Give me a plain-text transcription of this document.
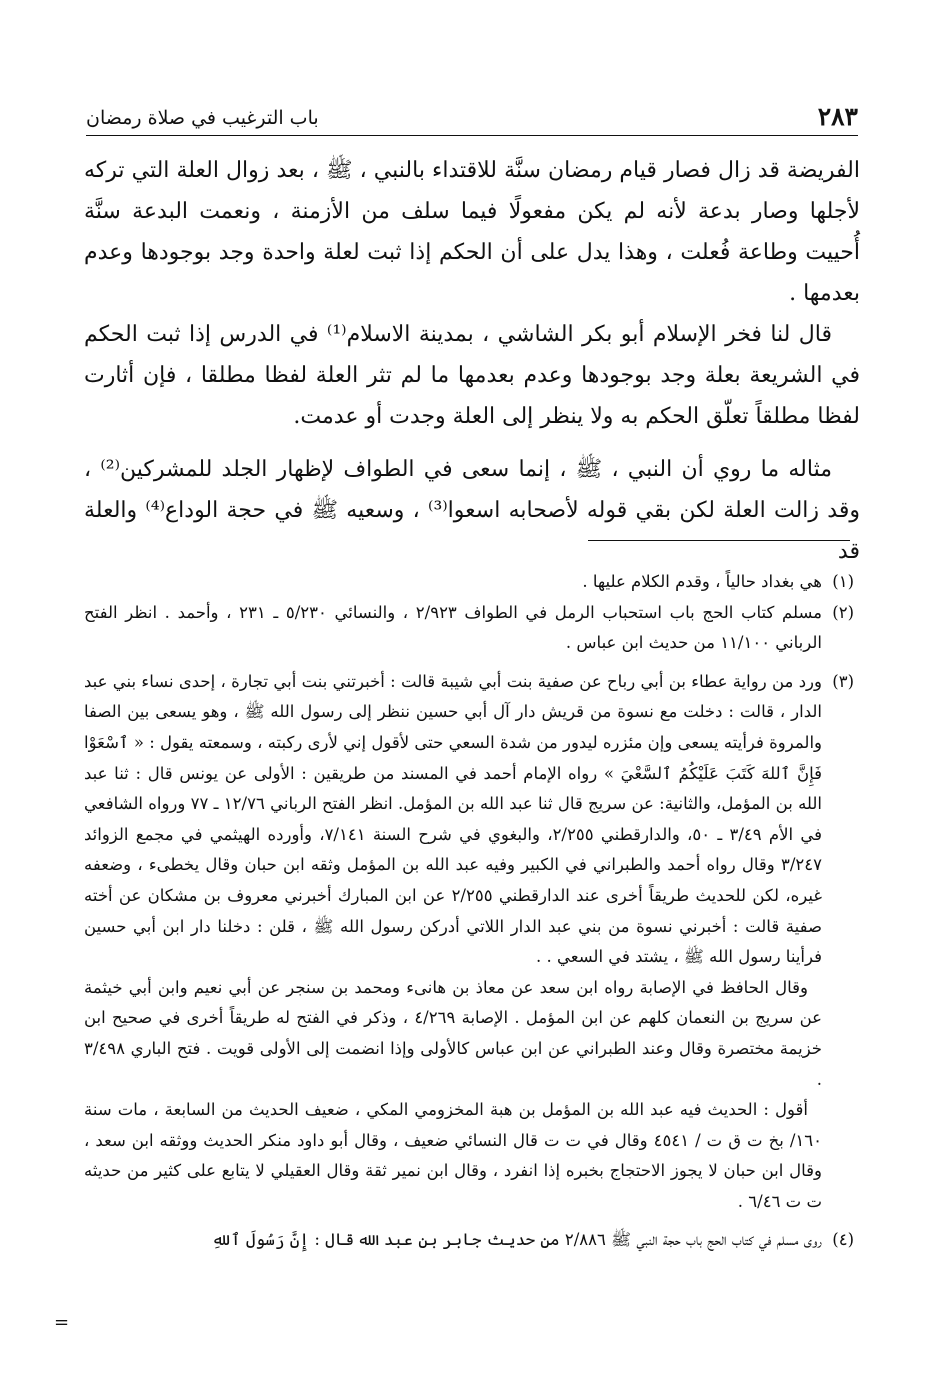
٢٨٣
باب الترغيب في صلاة رمضان

الفريضة قد زال فصار قيام رمضان سنَّة للاقتداء بالنبي ، ﷺ ، بعد زوال العلة التي تركه لأجلها وصار بدعة لأنه لم يكن مفعولًا فيما سلف من الأزمنة ، ونعمت البدعة سنَّة أُحييت وطاعة فُعلت ، وهذا يدل على أن الحكم إذا ثبت لعلة واحدة وجد بوجودها وعدم بعدمها .

قال لنا فخر الإسلام أبو بكر الشاشي ، بمدينة الاسلام⁽¹⁾ في الدرس إذا ثبت الحكم في الشريعة بعلة وجد بوجودها وعدم بعدمها ما لم تثر العلة لفظا مطلقا ، فإن أثارت لفظا مطلقاً تعلّق الحكم به ولا ينظر إلى العلة وجدت أو عدمت.

مثاله ما روي أن النبي ، ﷺ ، إنما سعى في الطواف لإظهار الجلد للمشركين⁽²⁾ ، وقد زالت العلة لكن بقي قوله لأصحابه اسعوا⁽³⁾ ، وسعيه ﷺ في حجة الوداع⁽⁴⁾ والعلة قد

(١)

هي بغداد حالياً ، وقدم الكلام عليها .

(٢)

مسلم كتاب الحج باب استحباب الرمل في الطواف ٢/٩٢٣ ، والنسائي ٥/٢٣٠ ـ ٢٣١ ، وأحمد . انظر الفتح الرباني ١١/١٠٠ من حديث ابن عباس .

(٣)

ورد من رواية عطاء بن أبي رباح عن صفية بنت أبي شيبة قالت : أخبرتني بنت أبي تجارة ، إحدى نساء بني عبد الدار ، قالت : دخلت مع نسوة من قريش دار آل أبي حسين ننظر إلى رسول الله ﷺ ، وهو يسعى بين الصفا والمروة فرأيته يسعى وإن مئزره ليدور من شدة السعي حتى لأقول إني لأرى ركبته ، وسمعته يقول : « ٱسْعَوْا فَإِنَّ ٱللهَ كَتَبَ عَلَيْكُمُ ٱلسَّعْيَ » رواه الإمام أحمد في المسند من طريقين : الأولى عن يونس قال : ثنا عبد الله بن المؤمل، والثانية: عن سريج قال ثنا عبد الله بن المؤمل. انظر الفتح الرباني ١٢/٧٦ ـ ٧٧ ورواه الشافعي في الأم ٣/٤٩ ـ ٥٠، والدارقطني ٢/٢٥٥، والبغوي في شرح السنة ٧/١٤١، وأورده الهيثمي في مجمع الزوائد ٣/٢٤٧ وقال رواه أحمد والطبراني في الكبير وفيه عبد الله بن المؤمل وثقه ابن حبان وقال يخطىء ، وضعفه غيره، لكن للحديث طريقاً أخرى عند الدارقطني ٢/٢٥٥ عن ابن المبارك أخبرني معروف بن مشكان عن أخته صفية قالت : أخبرني نسوة من بني عبد الدار اللاتي أدركن رسول الله ﷺ ، قلن : دخلنا دار ابن أبي حسين فرأينا رسول الله ﷺ ، يشتد في السعي . .

وقال الحافظ في الإصابة رواه ابن سعد عن معاذ بن هانىء ومحمد بن سنجر عن أبي نعيم وابن أبي خيثمة عن سريج بن النعمان كلهم عن ابن المؤمل . الإصابة ٤/٢٦٩ ، وذكر في الفتح له طريقاً أخرى في صحيح ابن خزيمة مختصرة وقال وعند الطبراني عن ابن عباس كالأولى وإذا انضمت إلى الأولى قويت . فتح الباري ٣/٤٩٨ .

أقول : الحديث فيه عبد الله بن المؤمل بن هبة المخزومي المكي ، ضعيف الحديث من السابعة ، مات سنة ١٦٠/ بخ ت ق ت / ٤٥٤١ وقال في ت ت قال النسائي ضعيف ، وقال أبو داود منكر الحديث ووثقه ابن سعد ، وقال ابن حبان لا يجوز الاحتجاج بخبره إذا انفرد ، وقال ابن نمير ثقة وقال العقيلي لا يتابع على كثير من حديثه ت ت ٦/٤٦ .

(٤)

روى مسلم في كتاب الحج باب حجة النبي ﷺ ٢/٨٨٦ من حديث جابر بن عبد الله قال : إِنَّ رَسُولَ ٱللهِ

=
